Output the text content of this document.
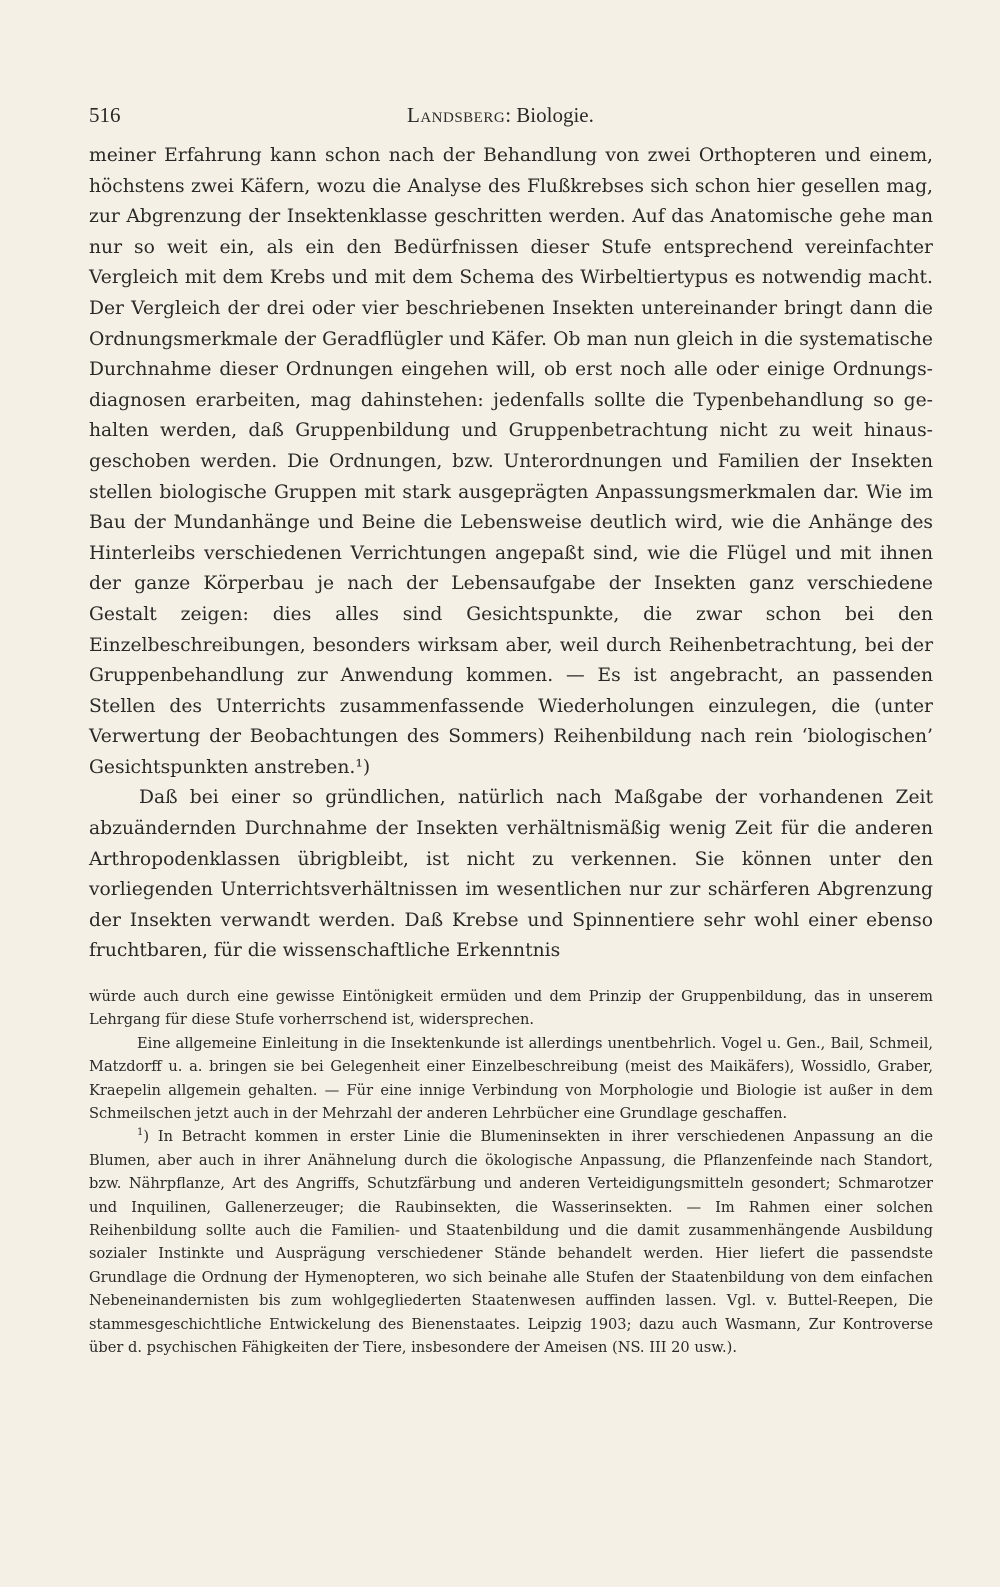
516	Landsberg: Biologie.

meiner Erfahrung kann schon nach der Behandlung von zwei Orthopteren und einem, höchstens zwei Käfern, wozu die Analyse des Flußkrebses sich schon hier gesellen mag, zur Abgrenzung der Insektenklasse geschritten werden. Auf das Anatomische gehe man nur so weit ein, als ein den Bedürfnissen dieser Stufe entsprechend vereinfachter Vergleich mit dem Krebs und mit dem Schema des Wirbeltiertypus es notwendig macht. Der Vergleich der drei oder vier beschriebenen Insekten untereinander bringt dann die Ordnungsmerkmale der Geradflügler und Käfer. Ob man nun gleich in die systematische Durchnahme dieser Ordnungen eingehen will, ob erst noch alle oder einige Ordnungsdiagnosen erarbeiten, mag dahinstehen: jedenfalls sollte die Typenbehandlung so gehalten werden, daß Gruppenbildung und Gruppenbetrachtung nicht zu weit hinausgeschoben werden. Die Ordnungen, bzw. Unterordnungen und Familien der Insekten stellen biologische Gruppen mit stark ausgeprägten Anpassungsmerkmalen dar. Wie im Bau der Mundanhänge und Beine die Lebensweise deutlich wird, wie die Anhänge des Hinterleibs verschiedenen Verrichtungen angepaßt sind, wie die Flügel und mit ihnen der ganze Körperbau je nach der Lebensaufgabe der Insekten ganz verschiedene Gestalt zeigen: dies alles sind Gesichtspunkte, die zwar schon bei den Einzelbeschreibungen, besonders wirksam aber, weil durch Reihenbetrachtung, bei der Gruppenbehandlung zur Anwendung kommen. — Es ist angebracht, an passenden Stellen des Unterrichts zusammenfassende Wiederholungen einzulegen, die (unter Verwertung der Beobachtungen des Sommers) Reihenbildung nach rein ‘biologischen’ Gesichtspunkten anstreben.¹)

Daß bei einer so gründlichen, natürlich nach Maßgabe der vorhandenen Zeit abzuändernden Durchnahme der Insekten verhältnismäßig wenig Zeit für die anderen Arthropodenklassen übrigbleibt, ist nicht zu verkennen. Sie können unter den vorliegenden Unterrichtsverhältnissen im wesentlichen nur zur schärferen Abgrenzung der Insekten verwandt werden. Daß Krebse und Spinnentiere sehr wohl einer ebenso fruchtbaren, für die wissenschaftliche Erkenntnis

würde auch durch eine gewisse Eintönigkeit ermüden und dem Prinzip der Gruppenbildung, das in unserem Lehrgang für diese Stufe vorherrschend ist, widersprechen.

Eine allgemeine Einleitung in die Insektenkunde ist allerdings unentbehrlich. Vogel u. Gen., Bail, Schmeil, Matzdorff u. a. bringen sie bei Gelegenheit einer Einzelbeschreibung (meist des Maikäfers), Wossidlo, Graber, Kraepelin allgemein gehalten. — Für eine innige Verbindung von Morphologie und Biologie ist außer in dem Schmeilschen jetzt auch in der Mehrzahl der anderen Lehrbücher eine Grundlage geschaffen.

$^1$) In Betracht kommen in erster Linie die Blumeninsekten in ihrer verschiedenen Anpassung an die Blumen, aber auch in ihrer Anähnelung durch die ökologische Anpassung, die Pflanzenfeinde nach Standort, bzw. Nährpflanze, Art des Angriffs, Schutzfärbung und anderen Verteidigungsmitteln gesondert; Schmarotzer und Inquilinen, Gallenerzeuger; die Raubinsekten, die Wasserinsekten. — Im Rahmen einer solchen Reihenbildung sollte auch die Familien- und Staatenbildung und die damit zusammenhängende Ausbildung sozialer Instinkte und Ausprägung verschiedener Stände behandelt werden. Hier liefert die passendste Grundlage die Ordnung der Hymenopteren, wo sich beinahe alle Stufen der Staatenbildung von dem einfachen Nebeneinandernisten bis zum wohlgegliederten Staatenwesen auffinden lassen. Vgl. v. Buttel-Reepen, Die stammesgeschichtliche Entwickelung des Bienenstaates. Leipzig 1903; dazu auch Wasmann, Zur Kontroverse über d. psychischen Fähigkeiten der Tiere, insbesondere der Ameisen (NS. III 20 usw.).
